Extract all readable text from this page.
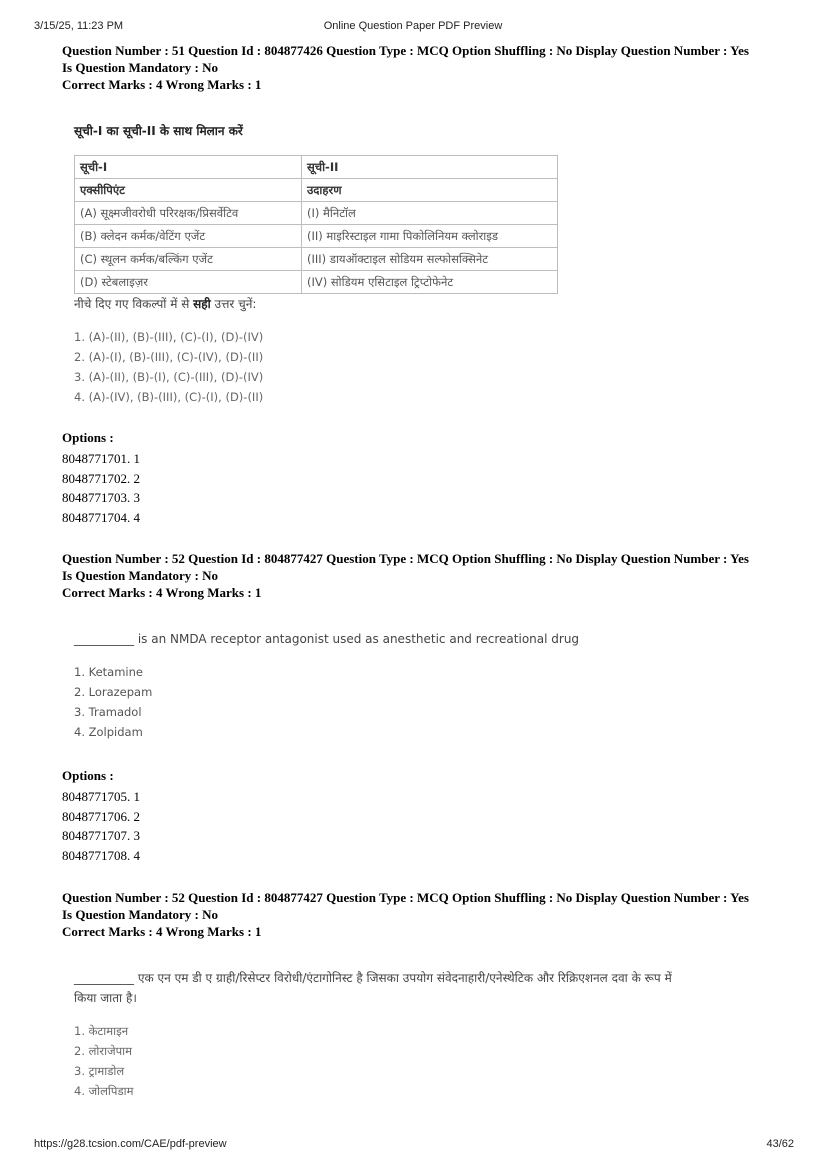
3/15/25, 11:23 PM	Online Question Paper PDF Preview
Question Number : 51 Question Id : 804877426 Question Type : MCQ Option Shuffling : No Display Question Number : Yes
Is Question Mandatory : No
Correct Marks : 4 Wrong Marks : 1
सूची-I का सूची-II के साथ मिलान करें
सूची-I	सूची-II
एक्सीपिएंट	उदाहरण
(A) सूक्ष्मजीवरोधी परिरक्षक/प्रिसर्वेटिव	(I) मैनिटॉल
(B) क्लेदन कर्मक/वेटिंग एजेंट	(II) माइरिस्टाइल गामा पिकोलिनियम क्लोराइड
(C) स्थूलन कर्मक/बल्किंग एजेंट	(III) डायऑक्टाइल सोडियम सल्फोसक्सिनेट
(D) स्टेबलाइज़र	(IV) सोडियम एसिटाइल ट्रिप्टोफेनेट
नीचे दिए गए विकल्पों में से सही उत्तर चुनें:
1. (A)-(II), (B)-(III), (C)-(I), (D)-(IV)
2. (A)-(I), (B)-(III), (C)-(IV), (D)-(II)
3. (A)-(II), (B)-(I), (C)-(III), (D)-(IV)
4. (A)-(IV), (B)-(III), (C)-(I), (D)-(II)
Options :
8048771701. 1
8048771702. 2
8048771703. 3
8048771704. 4
Question Number : 52 Question Id : 804877427 Question Type : MCQ Option Shuffling : No Display Question Number : Yes
Is Question Mandatory : No
Correct Marks : 4 Wrong Marks : 1
__________ is an NMDA receptor antagonist used as anesthetic and recreational drug
1. Ketamine
2. Lorazepam
3. Tramadol
4. Zolpidam
Options :
8048771705. 1
8048771706. 2
8048771707. 3
8048771708. 4
Question Number : 52 Question Id : 804877427 Question Type : MCQ Option Shuffling : No Display Question Number : Yes
Is Question Mandatory : No
Correct Marks : 4 Wrong Marks : 1
__________ एक एन एम डी ए ग्राही/रिसेप्टर विरोधी/एंटागोनिस्ट है जिसका उपयोग संवेदनाहारी/एनेस्थेटिक और रिक्रिएशनल दवा के रूप में
किया जाता है।
1. केटामाइन
2. लोराजेपाम
3. ट्रामाडोल
4. जोलपिडाम
https://g28.tcsion.com/CAE/pdf-preview	43/62
